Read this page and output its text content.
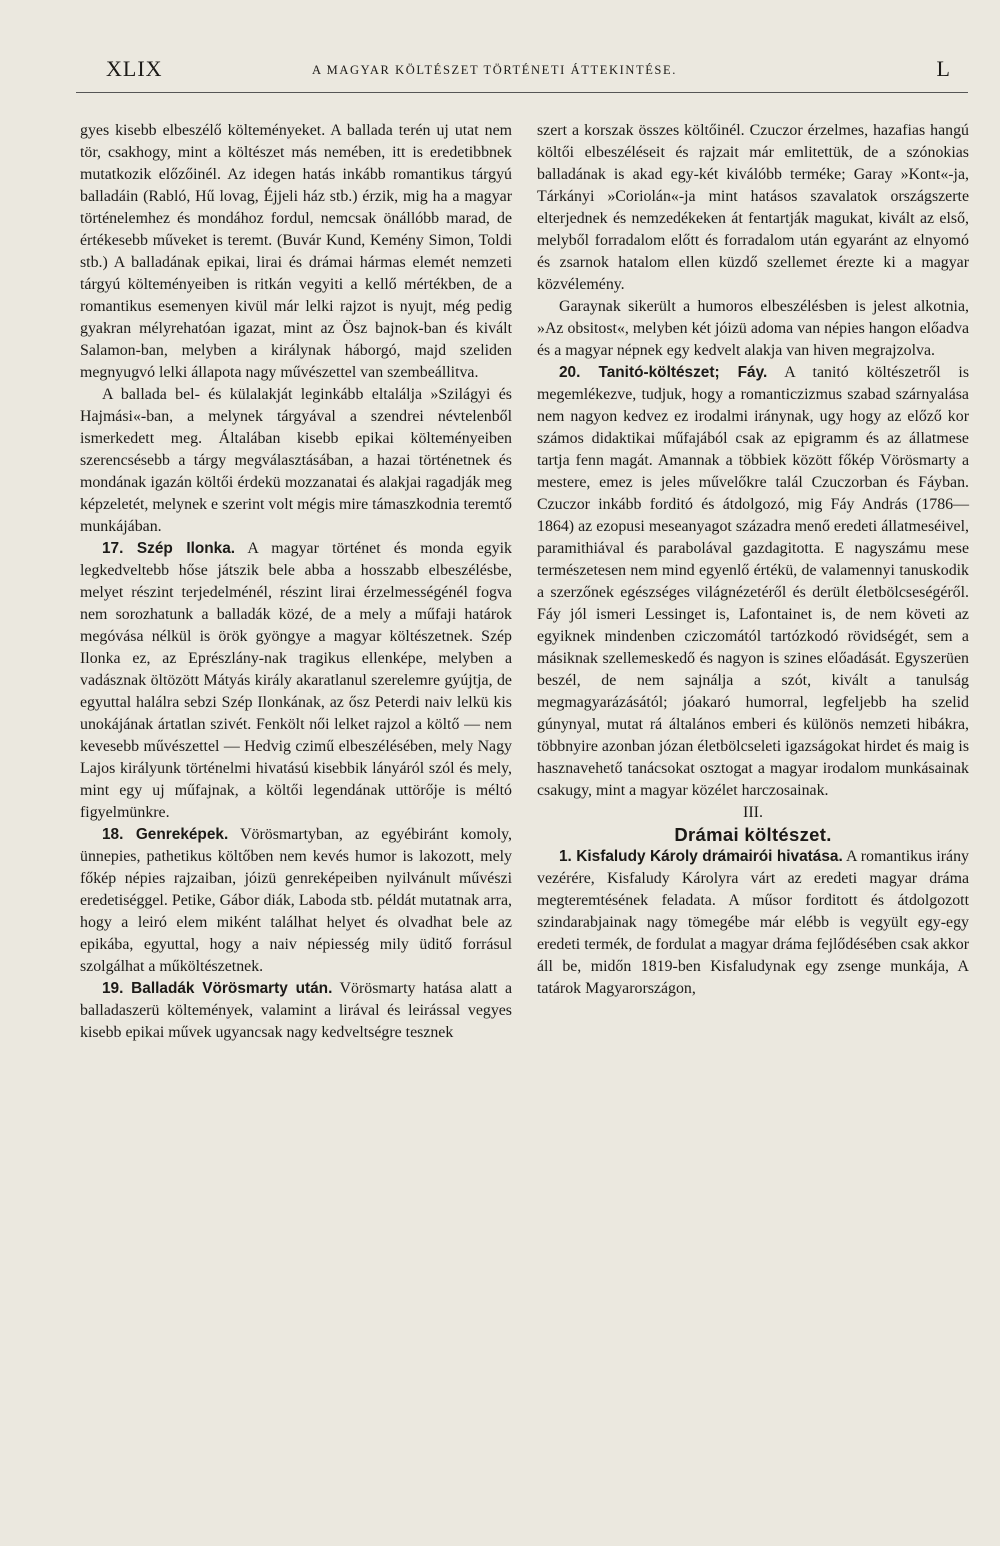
XLIX	A MAGYAR KÖLTÉSZET TÖRTÉNETI ÁTTEKINTÉSE.	L

gyes kisebb elbeszélő költeményeket. A ballada terén uj utat nem tör, csakhogy, mint a költészet más nemében, itt is eredetibbnek mutatkozik előzőinél. Az idegen hatás inkább romantikus tárgyú balladáin (Rabló, Hű lovag, Éjjeli ház stb.) érzik, mig ha a magyar történelemhez és mondához fordul, nemcsak önállóbb marad, de értékesebb műveket is teremt. (Buvár Kund, Kemény Simon, Toldi stb.) A balladának epikai, lirai és drámai hármas elemét nemzeti tárgyú költeményeiben is ritkán vegyiti a kellő mértékben, de a romantikus esemenyen kivül már lelki rajzot is nyujt, még pedig gyakran mélyrehatóan igazat, mint az Ösz bajnok-ban és kivált Salamon-ban, melyben a királynak háborgó, majd szeliden megnyugvó lelki állapota nagy művészettel van szembeállitva.

A ballada bel- és külalakját leginkább eltalálja »Szilágyi és Hajmási«-ban, a melynek tárgyával a szendrei névtelenből ismerkedett meg. Általában kisebb epikai költeményeiben szerencsésebb a tárgy megválasztásában, a hazai történetnek és mondának igazán költői érdekü mozzanatai és alakjai ragadják meg képzeletét, melynek e szerint volt mégis mire támaszkodnia teremtő munkájában.

17. Szép Ilonka. A magyar történet és monda egyik legkedveltebb hőse játszik bele abba a hosszabb elbeszélésbe, melyet részint terjedelménél, részint lirai érzelmességénél fogva nem sorozhatunk a balladák közé, de a mely a műfaji határok megóvása nélkül is örök gyöngye a magyar költészetnek. Szép Ilonka ez, az Eprészlány-nak tragikus ellenképe, melyben a vadásznak öltözött Mátyás király akaratlanul szerelemre gyújtja, de egyuttal halálra sebzi Szép Ilonkának, az ősz Peterdi naiv lelkü kis unokájának ártatlan szivét. Fenkölt női lelket rajzol a költő — nem kevesebb művészettel — Hedvig czimű elbeszélésében, mely Nagy Lajos királyunk történelmi hivatású kisebbik lányáról szól és mely, mint egy uj műfajnak, a költői legendának uttörője is méltó figyelmünkre.

18. Genreképek. Vörösmartyban, az egyébiránt komoly, ünnepies, pathetikus költőben nem kevés humor is lakozott, mely főkép népies rajzaiban, jóizü genreképeiben nyilvánult művészi eredetiséggel. Petike, Gábor diák, Laboda stb. példát mutatnak arra, hogy a leiró elem miként találhat helyet és olvadhat bele az epikába, egyuttal, hogy a naiv népiesség mily üditő forrásul szolgálhat a műköltészetnek.

19. Balladák Vörösmarty után. Vörösmarty hatása alatt a balladaszerü költemények, valamint a lirával és leirással vegyes kisebb epikai művek ugyancsak nagy kedveltségre tesznek

szert a korszak összes költőinél. Czuczor érzelmes, hazafias hangú költői elbeszéléseit és rajzait már emlitettük, de a szónokias balladának is akad egy-két kiválóbb terméke; Garay »Kont«-ja, Tárkányi »Coriolán«-ja mint hatásos szavalatok országszerte elterjednek és nemzedékeken át fentartják magukat, kivált az első, melyből forradalom előtt és forradalom után egyaránt az elnyomó és zsarnok hatalom ellen küzdő szellemet érezte ki a magyar közvélemény.

Garaynak sikerült a humoros elbeszélésben is jelest alkotnia, »Az obsitost«, melyben két jóizü adoma van népies hangon előadva és a magyar népnek egy kedvelt alakja van hiven megrajzolva.

20. Tanitó-költészet; Fáy. A tanitó költészetről is megemlékezve, tudjuk, hogy a romanticzizmus szabad szárnyalása nem nagyon kedvez ez irodalmi iránynak, ugy hogy az előző kor számos didaktikai műfajából csak az epigramm és az állatmese tartja fenn magát. Amannak a többiek között főkép Vörösmarty a mestere, emez is jeles művelőkre talál Czuczorban és Fáyban. Czuczor inkább forditó és átdolgozó, mig Fáy András (1786—1864) az ezopusi meseanyagot századra menő eredeti állatmeséivel, paramithiával és parabolával gazdagitotta. E nagyszámu mese természetesen nem mind egyenlő értékü, de valamennyi tanuskodik a szerzőnek egészséges világnézetéről és derült életbölcseségéről. Fáy jól ismeri Lessinget is, Lafontainet is, de nem követi az egyiknek mindenben cziczomától tartózkodó rövidségét, sem a másiknak szellemeskedő és nagyon is szines előadását. Egyszerüen beszél, de nem sajnálja a szót, kivált a tanulság megmagyarázásától; jóakaró humorral, legfeljebb ha szelid gúnynyal, mutat rá általános emberi és különös nemzeti hibákra, többnyire azonban józan életbölcseleti igazságokat hirdet és maig is hasznavehető tanácsokat osztogat a magyar irodalom munkásainak csakugy, mint a magyar közélet harczosainak.

III.

Drámai költészet.

1. Kisfaludy Károly drámairói hivatása. A romantikus irány vezérére, Kisfaludy Károlyra várt az eredeti magyar dráma megteremtésének feladata. A műsor forditott és átdolgozott szindarabjainak nagy tömegébe már elébb is vegyült egy-egy eredeti termék, de fordulat a magyar dráma fejlődésében csak akkor áll be, midőn 1819-ben Kisfaludynak egy zsenge munkája, A tatárok Magyarországon,
